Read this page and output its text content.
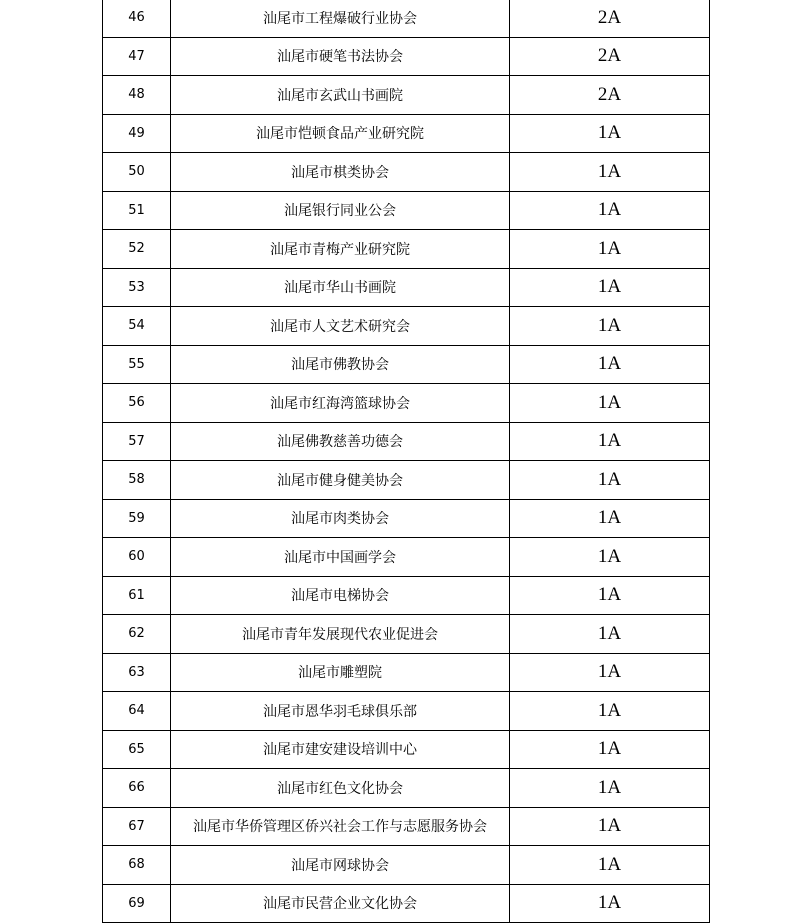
46	汕尾市工程爆破行业协会	2A
47	汕尾市硬笔书法协会	2A
48	汕尾市玄武山书画院	2A
49	汕尾市恺顿食品产业研究院	1A
50	汕尾市棋类协会	1A
51	汕尾银行同业公会	1A
52	汕尾市青梅产业研究院	1A
53	汕尾市华山书画院	1A
54	汕尾市人文艺术研究会	1A
55	汕尾市佛教协会	1A
56	汕尾市红海湾篮球协会	1A
57	汕尾佛教慈善功德会	1A
58	汕尾市健身健美协会	1A
59	汕尾市肉类协会	1A
60	汕尾市中国画学会	1A
61	汕尾市电梯协会	1A
62	汕尾市青年发展现代农业促进会	1A
63	汕尾市雕塑院	1A
64	汕尾市恩华羽毛球俱乐部	1A
65	汕尾市建安建设培训中心	1A
66	汕尾市红色文化协会	1A
67	汕尾市华侨管理区侨兴社会工作与志愿服务协会	1A
68	汕尾市网球协会	1A
69	汕尾市民营企业文化协会	1A
